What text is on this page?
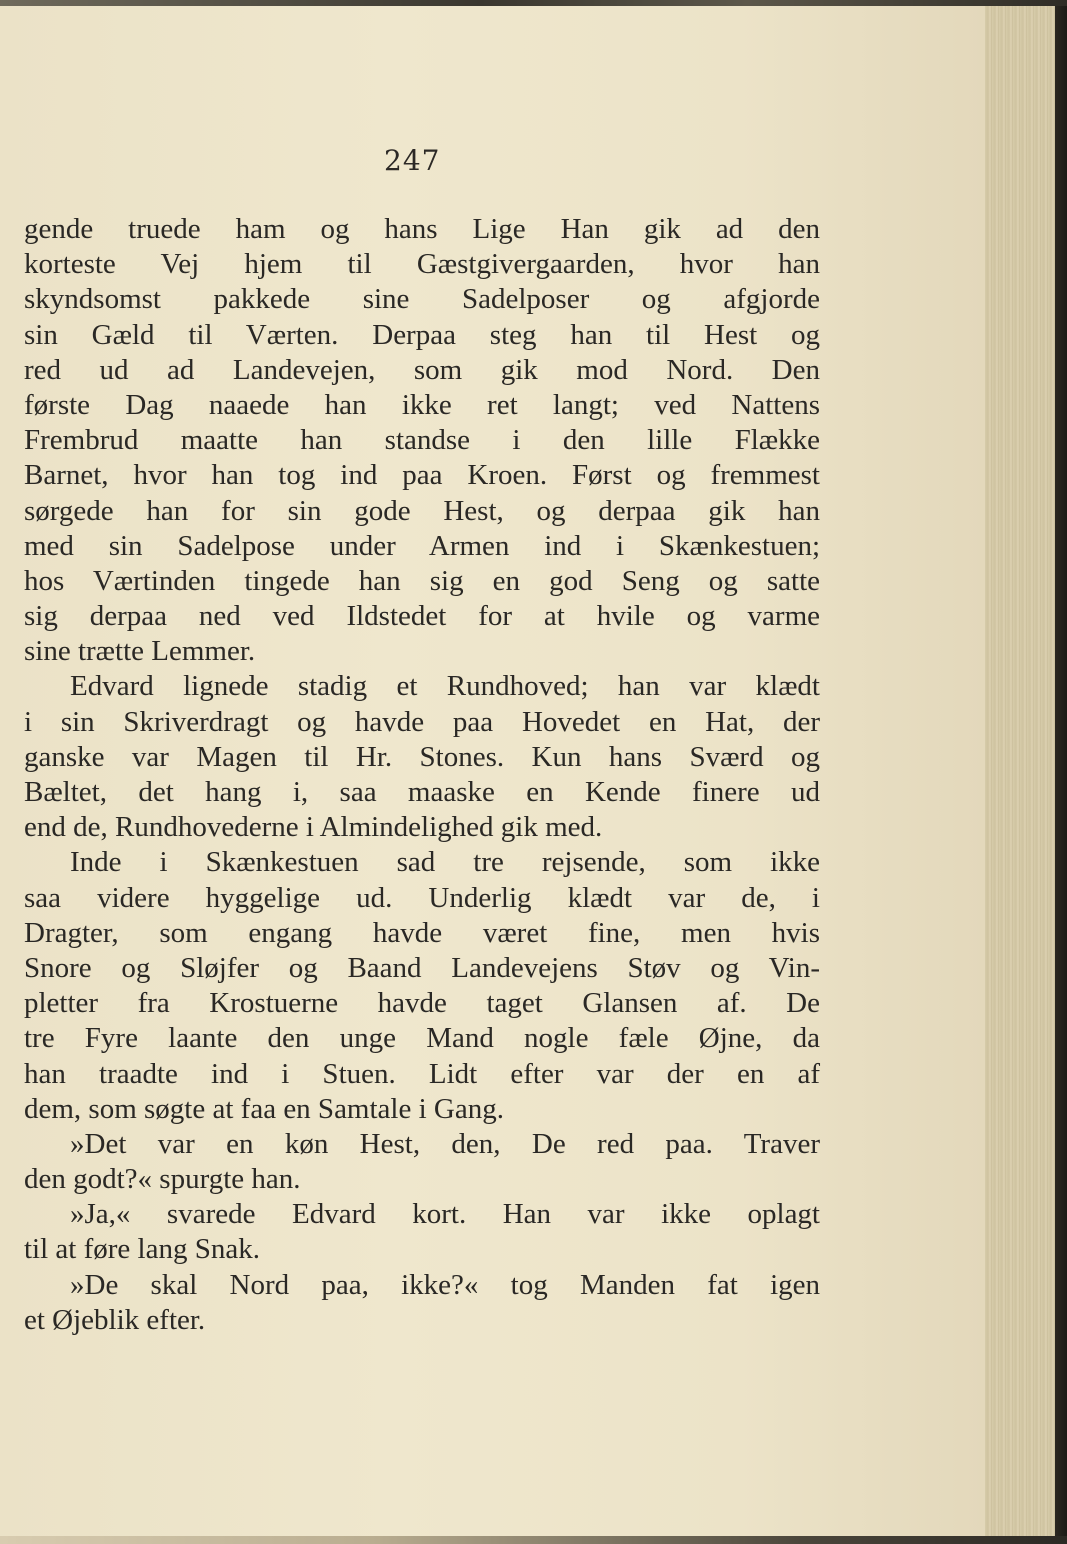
247
gende truede ham og hans Lige Han gik ad den
korteste Vej hjem til Gæstgivergaarden, hvor han
skyndsomst pakkede sine Sadelposer og afgjorde
sin Gæld til Værten. Derpaa steg han til Hest og
red ud ad Landevejen, som gik mod Nord. Den
første Dag naaede han ikke ret langt; ved Nattens
Frembrud maatte han standse i den lille Flække
Barnet, hvor han tog ind paa Kroen. Først og fremmest
sørgede han for sin gode Hest, og derpaa gik han
med sin Sadelpose under Armen ind i Skænkestuen;
hos Værtinden tingede han sig en god Seng og satte
sig derpaa ned ved Ildstedet for at hvile og varme
sine trætte Lemmer.
Edvard lignede stadig et Rundhoved; han var klædt
i sin Skriverdragt og havde paa Hovedet en Hat, der
ganske var Magen til Hr. Stones. Kun hans Sværd og
Bæltet, det hang i, saa maaske en Kende finere ud
end de, Rundhovederne i Almindelighed gik med.
Inde i Skænkestuen sad tre rejsende, som ikke
saa videre hyggelige ud. Underlig klædt var de, i
Dragter, som engang havde været fine, men hvis
Snore og Sløjfer og Baand Landevejens Støv og Vin-
pletter fra Krostuerne havde taget Glansen af. De
tre Fyre laante den unge Mand nogle fæle Øjne, da
han traadte ind i Stuen. Lidt efter var der en af
dem, som søgte at faa en Samtale i Gang.
»Det var en køn Hest, den, De red paa. Traver
den godt?« spurgte han.
»Ja,« svarede Edvard kort. Han var ikke oplagt
til at føre lang Snak.
»De skal Nord paa, ikke?« tog Manden fat igen
et Øjeblik efter.
